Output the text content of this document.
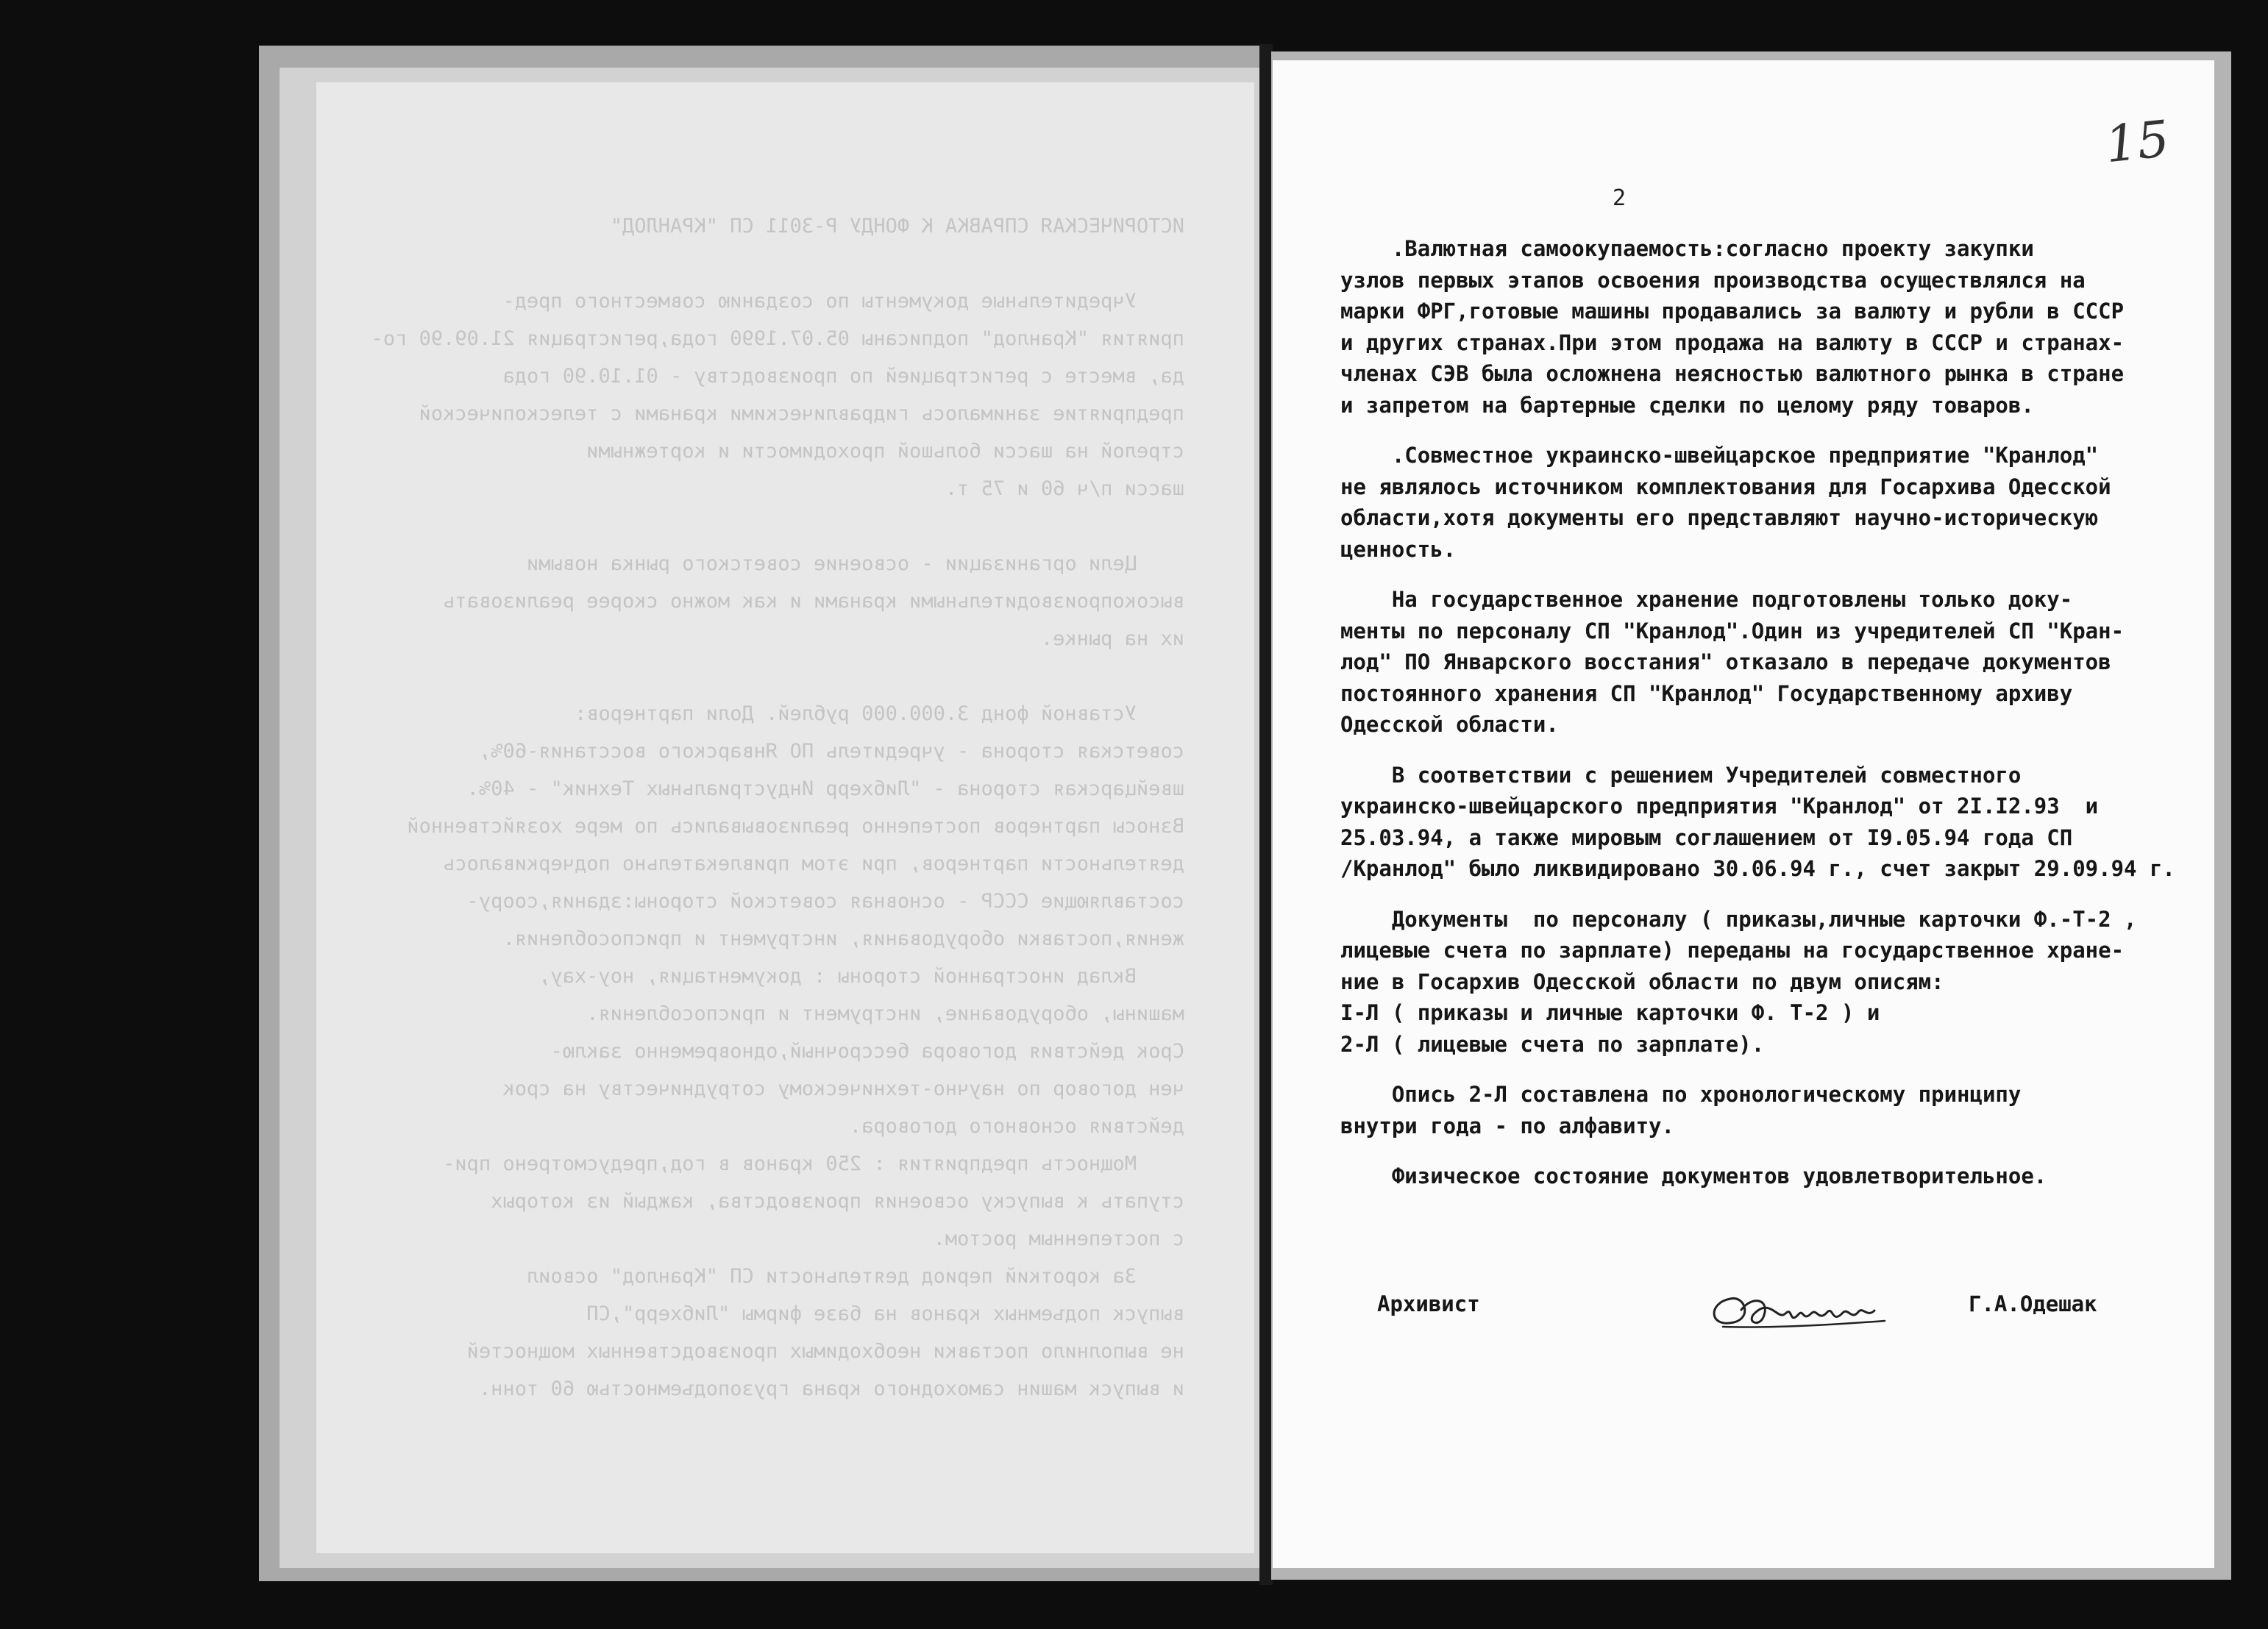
ИСТОРИЧЕСКАЯ СПРАВКА К ФОНДУ Р-3011 СП "КРАНЛОД"
Учредительные документы по созданию совместного пред-
приятия "Кранлод" подписаны 05.07.1990 года,регистрация 21.09.90 го-
да, вместе с регистрацией по производству - 01.10.90 года
предприятие занималось гидравлическими кранами с телескопической
стрелой на шасси большой проходимости и кортежными
шасси п/ч 60 и 75 т.
Цели организации - освоение советского рынка новыми
высокопроизводительными кранами и как можно скорее реализовать
их на рынке.
Уставной фонд 3.000.000 рублей. Доли партнеров:
советская сторона - учредитель ПО Январского восстания-60%,
швейцарская сторона - "Либхерр Индустриальных Техник" - 40%.
Взносы партнеров постепенно реализовывались по мере хозяйственной
деятельности партнеров, при этом привлекательно подчеркивалось
составляющие СССР - основная советской стороны:здания,соору-
жения,поставки оборудования, инструмент и приспособления.
Вклад иностранной стороны : документация, ноу-хау,
машины, оборудование, инструмент и приспособления.
Срок действия договора бессрочный,одновременно заклю-
чен договор по научно-техническому сотрудничеству на срок
действия основного договора.
Мощность предприятия : 250 кранов в год,предусмотрено при-
ступать к выпуску освоения производства, каждый из которых
с постепенным ростом.
За короткий период деятельности СП "Кранлод" освоил
выпуск подъемных кранов на базе фирмы "Либхерр",СП
не выполнило поставки необходимых производственных мощностей
и выпуск машин самоходного крана грузоподъемностью 60 тонн.
15
2
.Валютная самоокупаемость:согласно проекту закупки
узлов первых этапов освоения производства осуществлялся на
марки ФРГ,готовые машины продавались за валюту и рубли в СССР
и других странах.При этом продажа на валюту в СССР и странах-
членах СЭВ была осложнена неясностью валютного рынка в стране
и запретом на бартерные сделки по целому ряду товаров.
.Совместное украинско-швейцарское предприятие "Кранлод"
не являлось источником комплектования для Госархива Одесской
области,хотя документы его представляют научно-историческую
ценность.
На государственное хранение подготовлены только доку-
менты по персоналу СП "Кранлод".Один из учредителей СП "Кран-
лод" ПО Январского восстания" отказало в передаче документов
постоянного хранения СП "Кранлод" Государственному архиву
Одесской области.
В соответствии с решением Учредителей совместного
украинско-швейцарского предприятия "Кранлод" от 2I.I2.93  и
25.03.94, а также мировым соглашением от I9.05.94 года СП
/Кранлод" было ликвидировано 30.06.94 г., счет закрыт 29.09.94 г.
Документы  по персоналу ( приказы,личные карточки Ф.-Т-2 ,
лицевые счета по зарплате) переданы на государственное хране-
ние в Госархив Одесской области по двум описям:
I-Л ( приказы и личные карточки Ф. Т-2 ) и
2-Л ( лицевые счета по зарплате).
Опись 2-Л составлена по хронологическому принципу
внутри года - по алфавиту.
Физическое состояние документов удовлетворительное.
Архивист	Г.А.Одешак
